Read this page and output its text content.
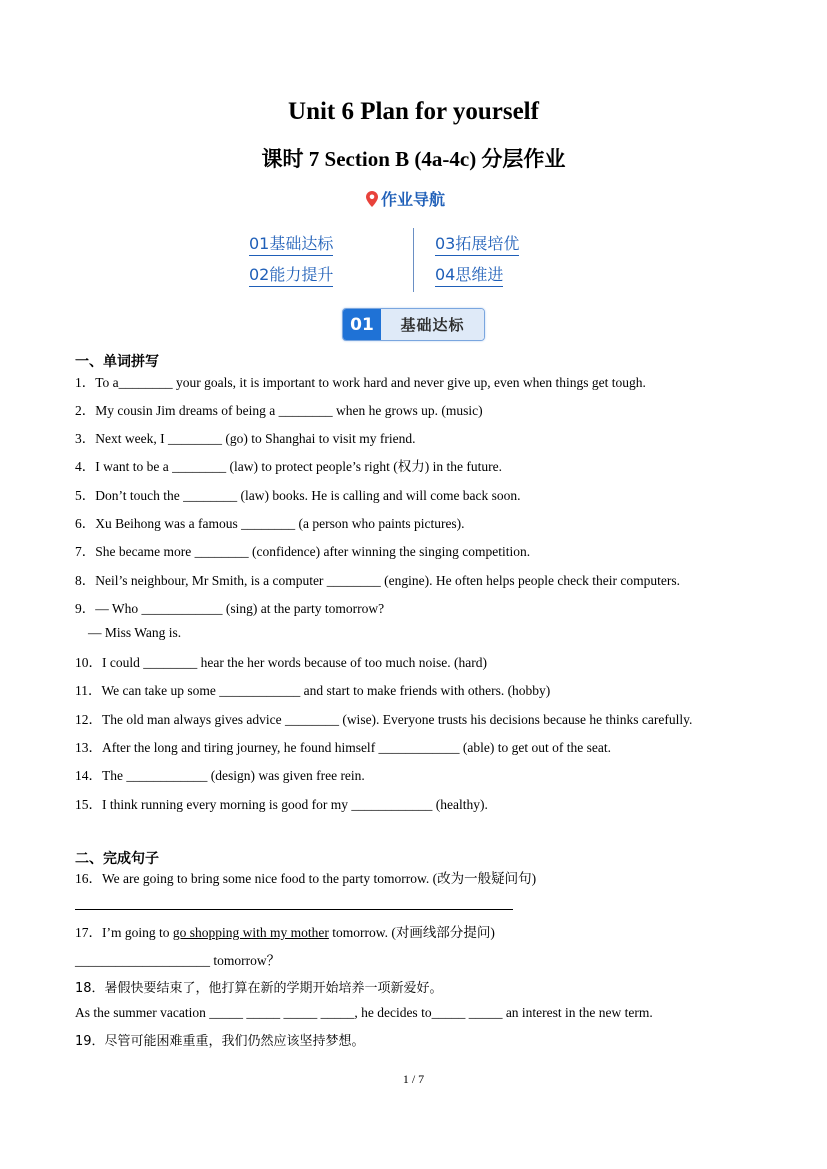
Unit 6 Plan for yourself
课时 7 Section B (4a-4c) 分层作业
作业导航
01基础达标
02能力提升
03拓展培优
04思维进
01	基础达标
一、单词拼写
1．To a________ your goals, it is important to work hard and never give up, even when things get tough.
2．My cousin Jim dreams of being a ________ when he grows up. (music)
3．Next week, I ________ (go) to Shanghai to visit my friend.
4．I want to be a ________ (law) to protect people’s right (权力) in the future.
5．Don’t touch the ________ (law) books. He is calling and will come back soon.
6．Xu Beihong was a famous ________ (a person who paints pictures).
7．She became more ________ (confidence) after winning the singing competition.
8．Neil’s neighbour, Mr Smith, is a computer ________ (engine). He often helps people check their computers.
9．— Who ____________ (sing) at the party tomorrow?
— Miss Wang is.
10．I could ________ hear the her words because of too much noise. (hard)
11．We can take up some ____________ and start to make friends with others. (hobby)
12．The old man always gives advice ________ (wise). Everyone trusts his decisions because he thinks carefully.
13．After the long and tiring journey, he found himself ____________ (able) to get out of the seat.
14．The ____________ (design) was given free rein.
15．I think running every morning is good for my ____________ (healthy).
二、完成句子
16．We are going to bring some nice food to the party tomorrow. (改为一般疑问句)
17．I’m going to go shopping with my mother tomorrow. (对画线部分提问)
____________________ tomorrow？
18．暑假快要结束了，他打算在新的学期开始培养一项新爱好。
As the summer vacation _____ _____ _____ _____, he decides to_____ _____ an interest in the new term.
19．尽管可能困难重重，我们仍然应该坚持梦想。
1 / 7
